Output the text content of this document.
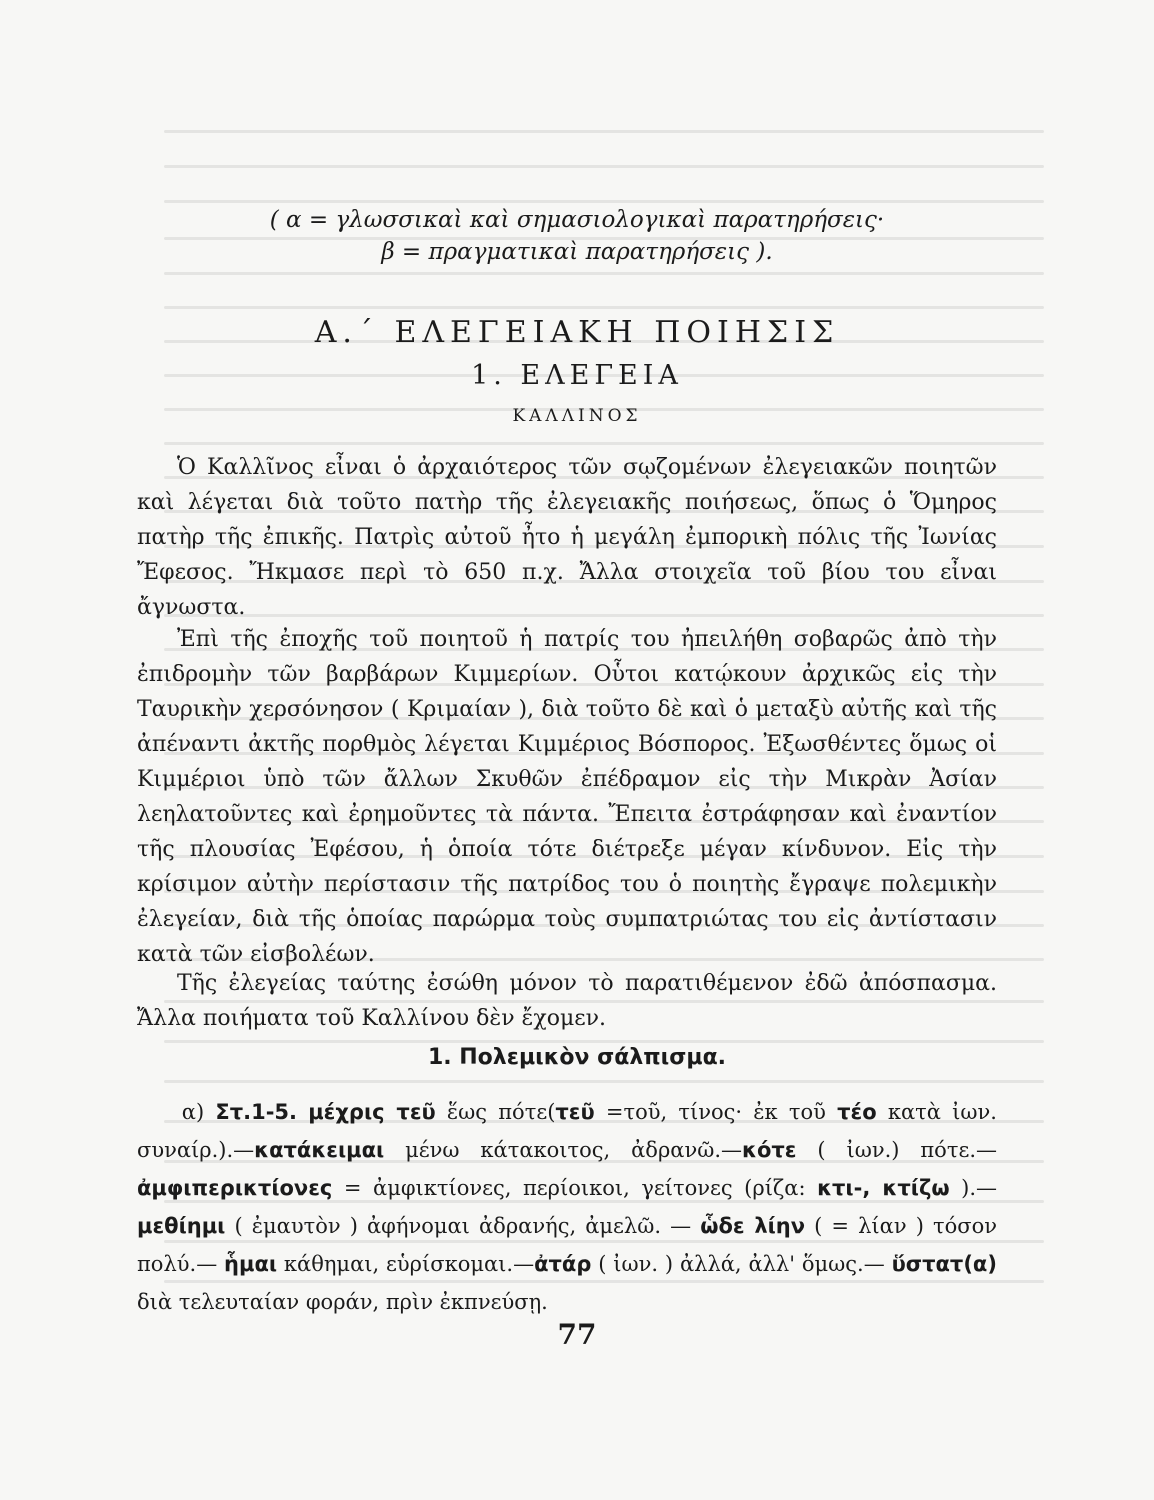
( α = γλωσσικαὶ καὶ σημασιολογικαὶ παρατηρήσεις·
β = πραγματικαὶ παρατηρήσεις ).
Α.΄ ΕΛΕΓΕΙΑΚΗ ΠΟΙΗΣΙΣ
1. ΕΛΕΓΕΙΑ
ΚΑΛΛΙΝΟΣ
Ὁ Καλλῖνος εἶναι ὁ ἀρχαιότερος τῶν σῳζομένων ἐλεγειακῶν ποιητῶν καὶ λέγεται διὰ τοῦτο πατὴρ τῆς ἐλεγειακῆς ποιήσεως, ὅπως ὁ Ὅμηρος πατὴρ τῆς ἐπικῆς. Πατρὶς αὐτοῦ ἦτο ἡ μεγάλη ἐμπορικὴ πόλις τῆς Ἰωνίας Ἔφεσος. Ἤκμασε περὶ τὸ 650 π.χ. Ἄλλα στοιχεῖα τοῦ βίου του εἶναι ἄγνωστα.
Ἐπὶ τῆς ἐποχῆς τοῦ ποιητοῦ ἡ πατρίς του ἠπειλήθη σοβαρῶς ἀπὸ τὴν ἐπιδρομὴν τῶν βαρβάρων Κιμμερίων. Οὗτοι κατῴκουν ἀρχικῶς εἰς τὴν Ταυρικὴν χερσόνησον ( Κριμαίαν ), διὰ τοῦτο δὲ καὶ ὁ μεταξὺ αὐτῆς καὶ τῆς ἀπέναντι ἀκτῆς πορθμὸς λέγεται Κιμμέριος Βόσπορος. Ἐξωσθέντες ὅμως οἱ Κιμμέριοι ὑπὸ τῶν ἄλλων Σκυθῶν ἐπέδραμον εἰς τὴν Μικρὰν Ἀσίαν λεηλατοῦντες καὶ ἐρημοῦντες τὰ πάντα. Ἔπειτα ἐστράφησαν καὶ ἐναντίον τῆς πλουσίας Ἐφέσου, ἡ ὁποία τότε διέτρεξε μέγαν κίνδυνον. Εἰς τὴν κρίσιμον αὐτὴν περίστασιν τῆς πατρίδος του ὁ ποιητὴς ἔγραψε πολεμικὴν ἐλεγείαν, διὰ τῆς ὁποίας παρώρμα τοὺς συμπατριώτας του εἰς ἀντίστασιν κατὰ τῶν εἰσβολέων.
Τῆς ἐλεγείας ταύτης ἐσώθη μόνον τὸ παρατιθέμενον ἐδῶ ἀπόσπασμα. Ἄλλα ποιήματα τοῦ Καλλίνου δὲν ἔχομεν.
1. Πολεμικὸν σάλπισμα.
α) Στ.1-5. μέχρις τεῦ ἕως πότε(τεῦ =τοῦ, τίνος· ἐκ τοῦ τέο κατὰ ἰων. συναίρ.).—κατάκειμαι μένω κάτακοιτος, ἀδρανῶ.—κότε ( ἰων.) πότε.— ἀμφιπερικτίονες = ἀμφικτίονες, περίοικοι, γείτονες (ρίζα: κτι-, κτίζω ).— μεθίημι ( ἐμαυτὸν ) ἀφήνομαι ἀδρανής, ἀμελῶ. — ὧδε λίην ( = λίαν ) τόσον πολύ.— ἧμαι κάθημαι, εὑρίσκομαι.—ἀτάρ ( ἰων. ) ἀλλά, ἀλλ' ὅμως.— ὕστατ(α) διὰ τελευταίαν φοράν, πρὶν ἐκπνεύσῃ.
77
